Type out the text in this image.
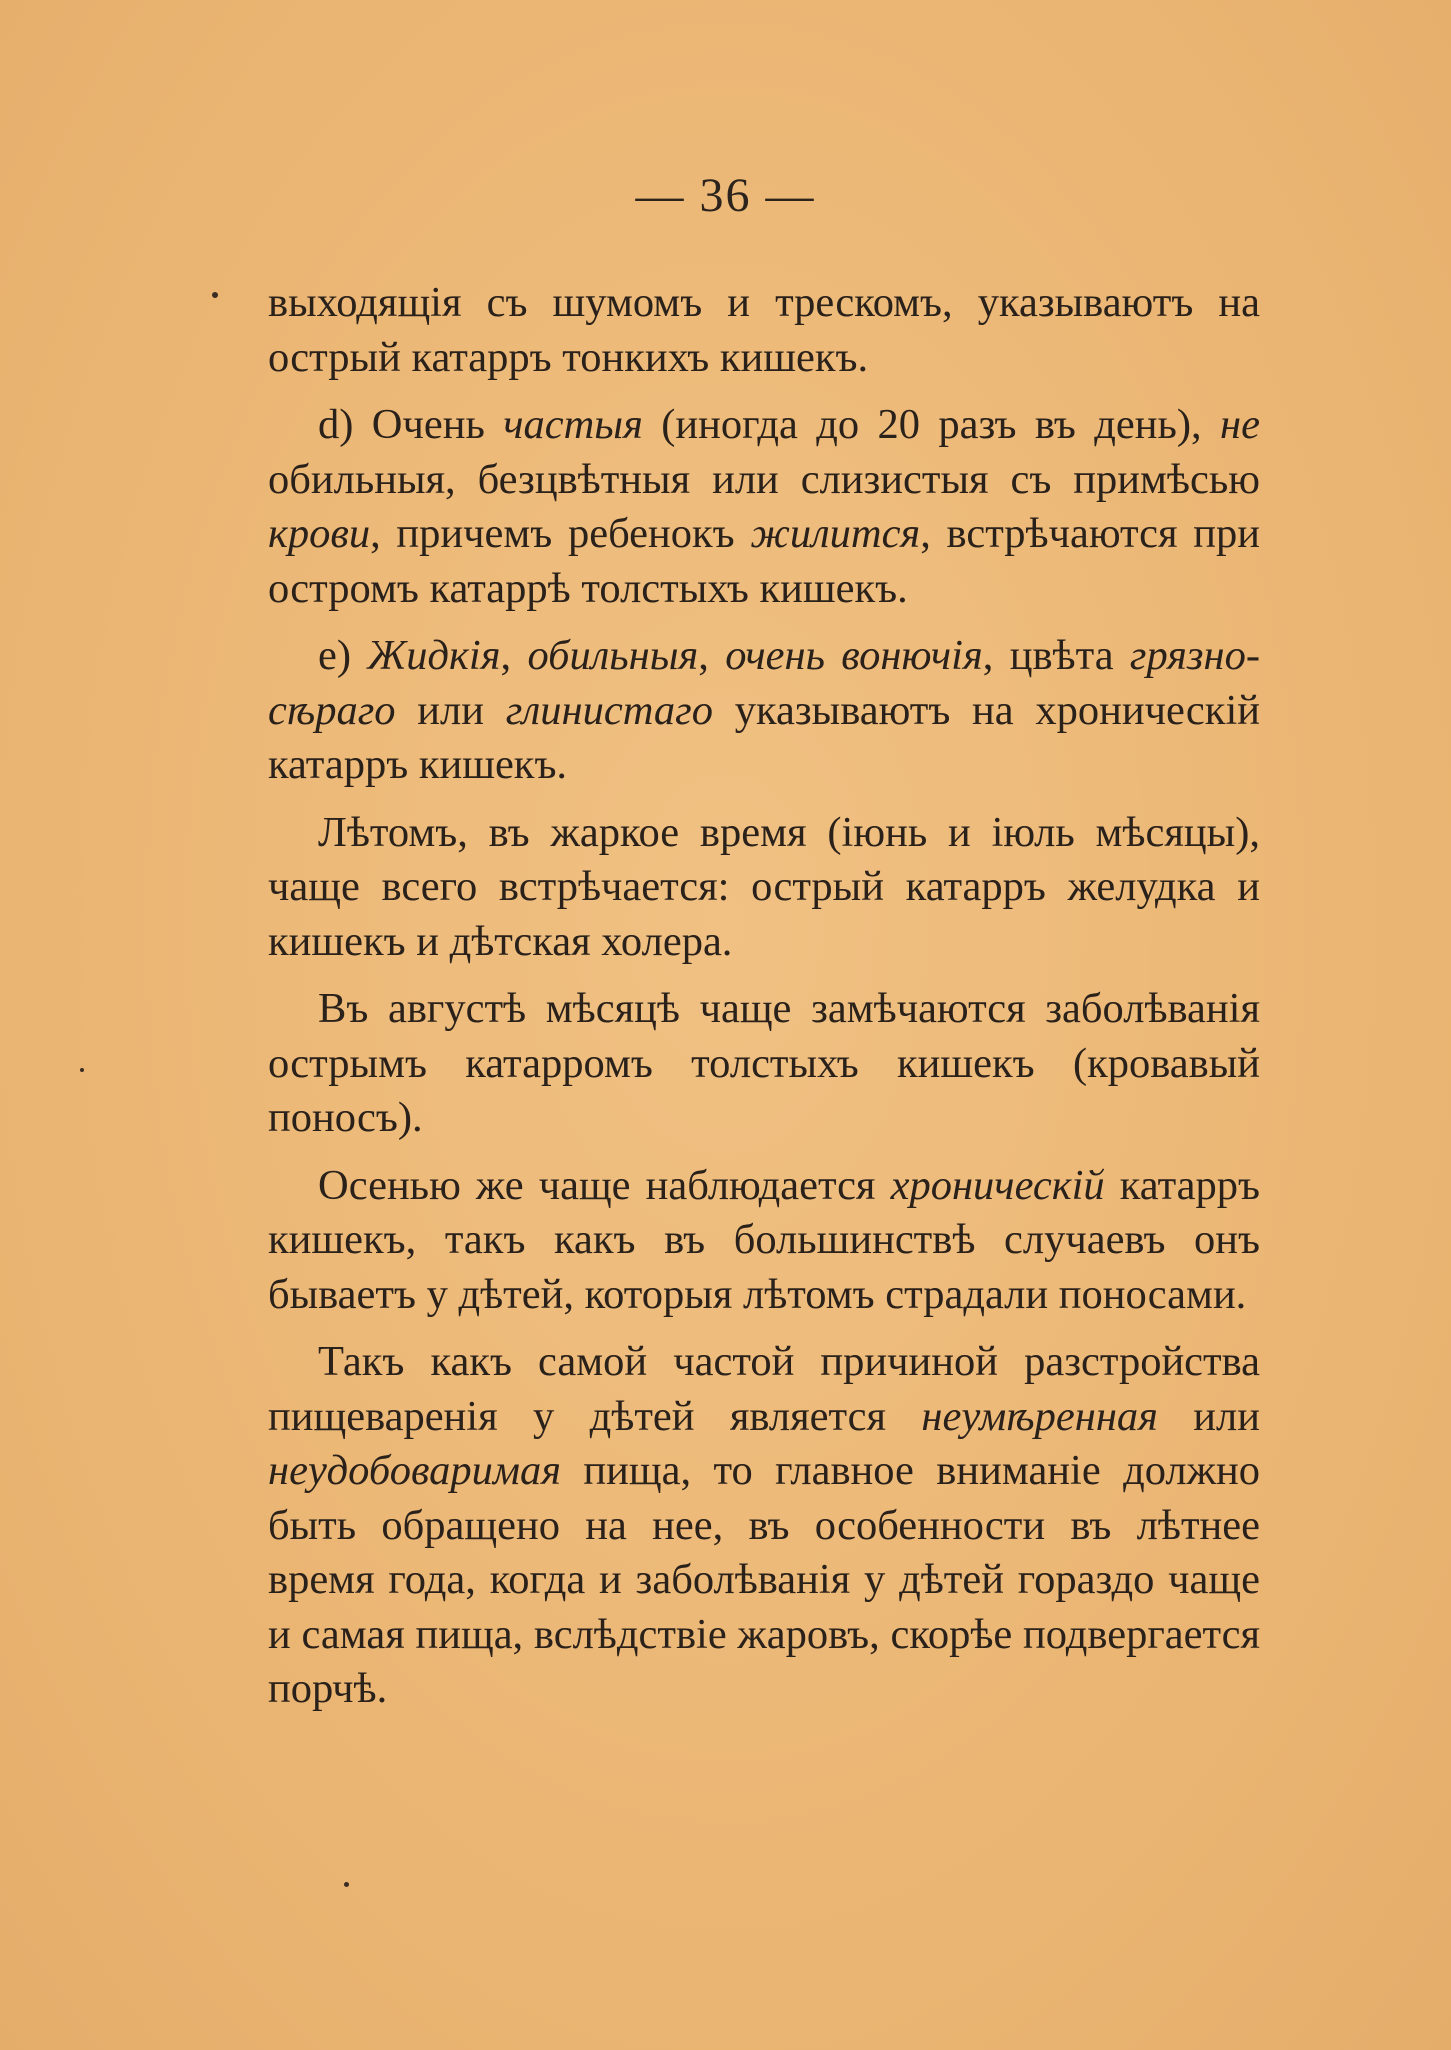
— 36 —

выходящія съ шумомъ и трескомъ, указываютъ на острый катарръ тонкихъ кишекъ.

d) Очень частыя (иногда до 20 разъ въ день), не обильныя, безцвѣтныя или слизистыя съ примѣсью крови, причемъ ребенокъ жилится, встрѣчаются при остромъ катаррѣ толстыхъ кишекъ.

e) Жидкія, обильныя, очень вонючія, цвѣта грязно-сѣраго или глинистаго указываютъ на хроническій катарръ кишекъ.

Лѣтомъ, въ жаркое время (іюнь и іюль мѣсяцы), чаще всего встрѣчается: острый катарръ желудка и кишекъ и дѣтская холера.

Въ августѣ мѣсяцѣ чаще замѣчаются заболѣванія острымъ катарромъ толстыхъ кишекъ (кровавый поносъ).

Осенью же чаще наблюдается хроническій катарръ кишекъ, такъ какъ въ большинствѣ случаевъ онъ бываетъ у дѣтей, которыя лѣтомъ страдали поносами.

Такъ какъ самой частой причиной разстройства пищеваренія у дѣтей является неумѣренная или неудобоваримая пища, то главное вниманіе должно быть обращено на нее, въ особенности въ лѣтнее время года, когда и заболѣванія у дѣтей гораздо чаще и самая пища, вслѣдствіе жаровъ, скорѣе подвергается порчѣ.
